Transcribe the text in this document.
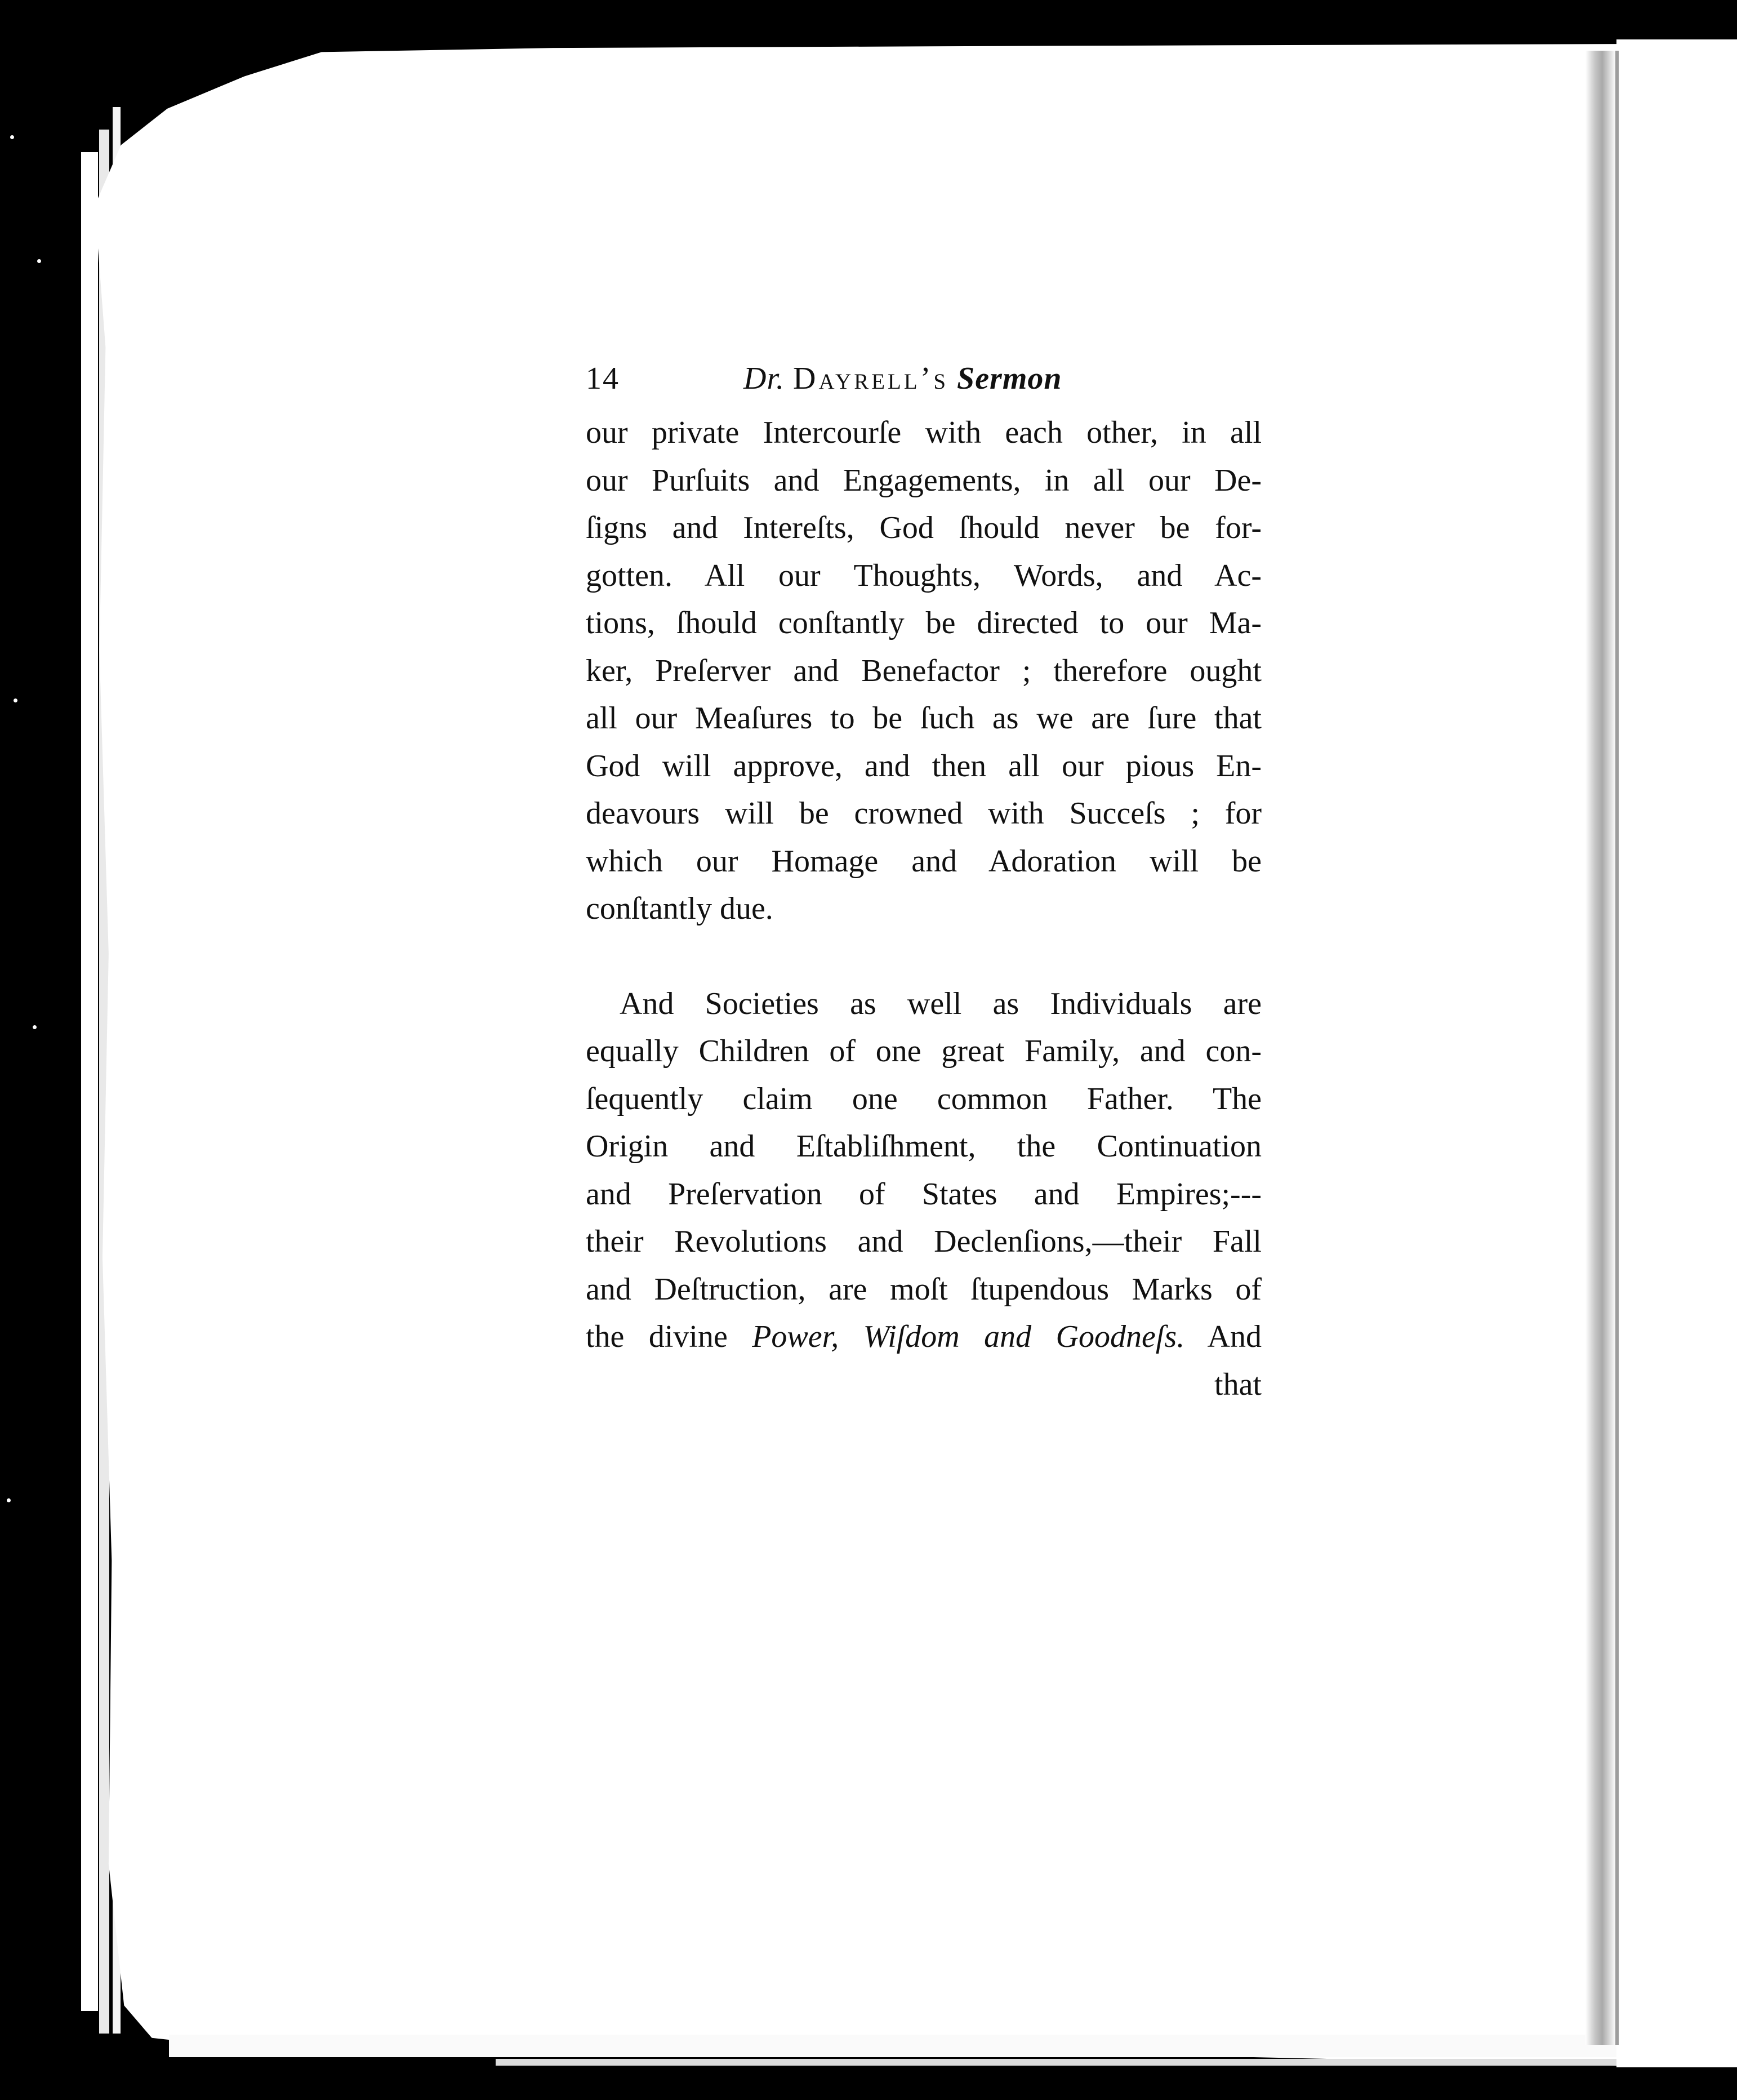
14	Dr. Dayrell’s Sermon
our private Intercourſe with each other, in all
our Purſuits and Engagements, in all our De-
ſigns and Intereſts, God ſhould never be for-
gotten. All our Thoughts, Words, and Ac-
tions, ſhould conſtantly be directed to our Ma-
ker, Preſerver and Benefactor ; therefore ought
all our Meaſures to be ſuch as we are ſure that
God will approve, and then all our pious En-
deavours will be crowned with Succeſs ; for
which our Homage and Adoration will be
conſtantly due.
And Societies as well as Individuals are
equally Children of one great Family, and con-
ſequently claim one common Father. The
Origin and Eſtabliſhment, the Continuation
and Preſervation of States and Empires;---
their Revolutions and Declenſions,—their Fall
and Deſtruction, are moſt ſtupendous Marks of
the divine Power, Wiſdom and Goodneſs. And
that
